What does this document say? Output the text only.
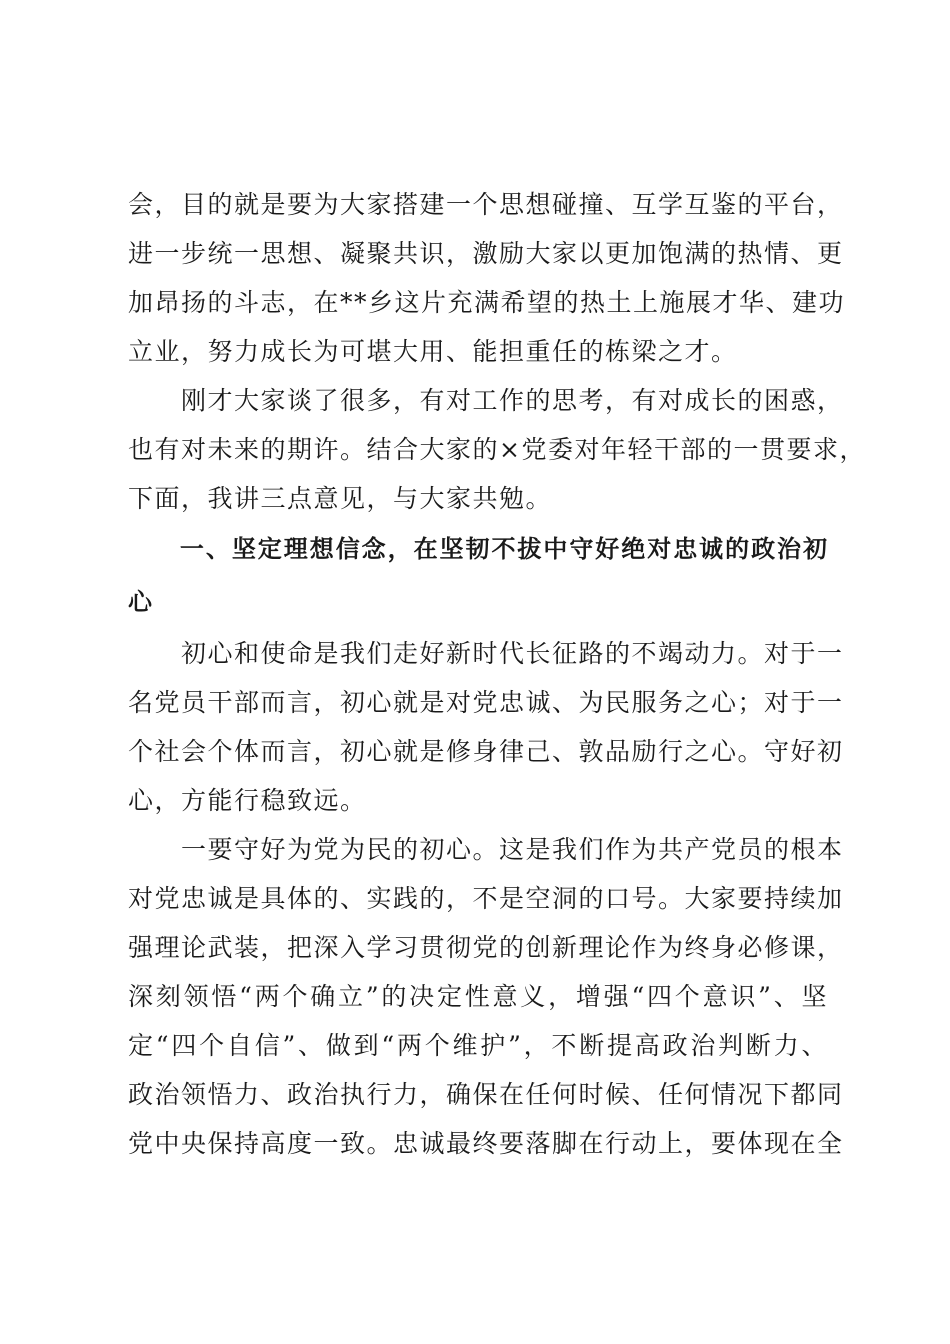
会，目的就是要为大家搭建一个思想碰撞、互学互鉴的平台，
进一步统一思想、凝聚共识，激励大家以更加饱满的热情、更
加昂扬的斗志，在**乡这片充满希望的热土上施展才华、建功
立业，努力成长为可堪大用、能担重任的栋梁之才。
　　刚才大家谈了很多，有对工作的思考，有对成长的困惑，
也有对未来的期许。结合大家的×党委对年轻干部的一贯要求，
下面，我讲三点意见，与大家共勉。
　　一、坚定理想信念，在坚韧不拔中守好绝对忠诚的政治初
心
　　初心和使命是我们走好新时代长征路的不竭动力。对于一
名党员干部而言，初心就是对党忠诚、为民服务之心；对于一
个社会个体而言，初心就是修身律己、敦品励行之心。守好初
心，方能行稳致远。
　　一要守好为党为民的初心。这是我们作为共产党员的根本
对党忠诚是具体的、实践的，不是空洞的口号。大家要持续加
强理论武装，把深入学习贯彻党的创新理论作为终身必修课，
深刻领悟“两个确立”的决定性意义，增强“四个意识”、坚
定“四个自信”、做到“两个维护”，不断提高政治判断力、
政治领悟力、政治执行力，确保在任何时候、任何情况下都同
党中央保持高度一致。忠诚最终要落脚在行动上，要体现在全
